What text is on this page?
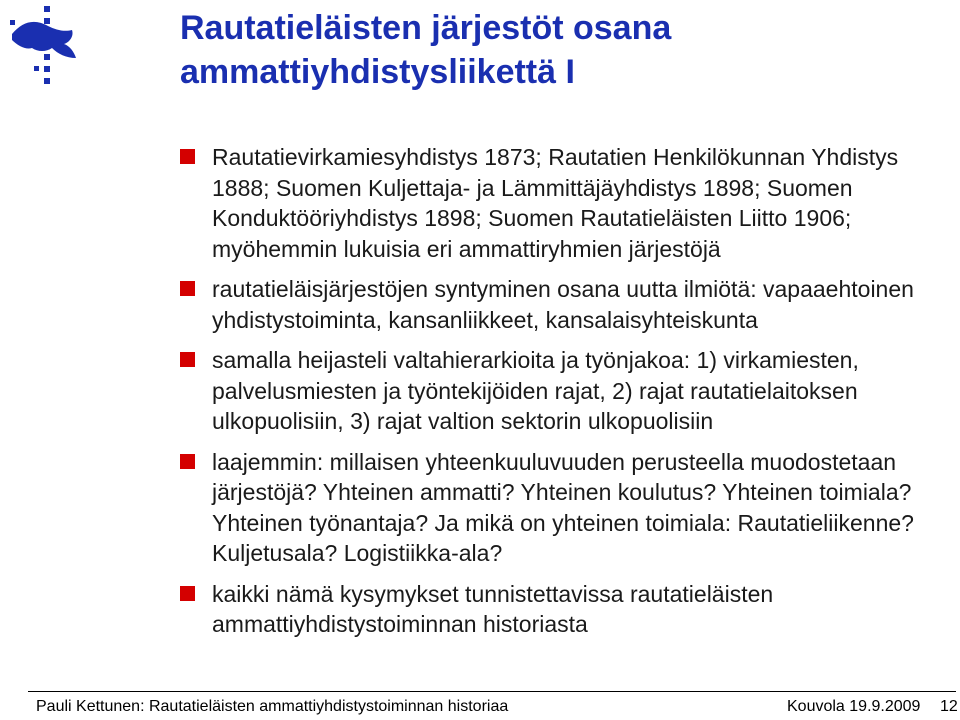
Rautatieläisten järjestöt osana ammattiyhdistysliikettä I
Rautatievirkamiesyhdistys 1873; Rautatien Henkilökunnan Yhdistys 1888; Suomen Kuljettaja- ja Lämmittäjäyhdistys 1898; Suomen Konduktööriyhdistys 1898; Suomen Rautatieläisten Liitto 1906; myöhemmin lukuisia eri ammattiryhmien järjestöjä
rautatieläisjärjestöjen syntyminen osana uutta ilmiötä: vapaaehtoinen yhdistystoiminta, kansanliikkeet, kansalaisyhteiskunta
samalla heijasteli valtahierarkioita ja työnjakoa: 1) virkamiesten, palvelusmiesten ja työntekijöiden rajat, 2) rajat rautatielaitoksen ulkopuolisiin, 3) rajat valtion sektorin ulkopuolisiin
laajemmin: millaisen yhteenkuuluvuuden perusteella muodostetaan järjestöjä? Yhteinen ammatti? Yhteinen koulutus? Yhteinen toimiala? Yhteinen työnantaja? Ja mikä on yhteinen toimiala: Rautatieliikenne? Kuljetusala? Logistiikka-ala?
kaikki nämä kysymykset tunnistettavissa rautatieläisten ammattiyhdistystoiminnan historiasta
Pauli Kettunen: Rautatieläisten ammattiyhdistystoiminnan historiaa	Kouvola 19.9.2009 12
